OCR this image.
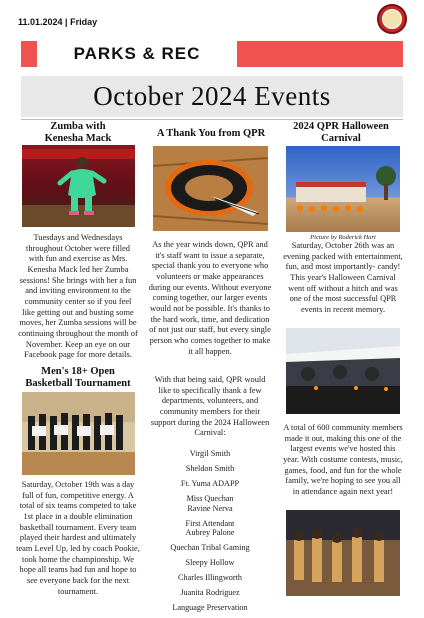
11.01.2024 | Friday
PARKS & REC
October 2024 Events
Zumba with Kenesha Mack
Tuesdays and Wednesdays throughout October were filled with fun and exercise as Mrs. Kenesha Mack led her Zumba sessions! She brings with her a fun and inviting environment to the community center so if you feel like getting out and busting some moves, her Zumba sessions will be continuing throughout the month of November. Keep an eye on our Facebook page for more details.
Men's 18+ Open Basketball Tournament
Saturday, October 19th was a day full of fun, competitive energy. A total of six teams competed to take 1st place in a double elimination basketball tournament. Every team played their hardest and ultimately team Level Up, led by coach Pookie, took home the championship. We hope all teams had fun and hope to see everyone back for the next tournament.
A Thank You from QPR
As the year winds down, QPR and it's staff want to issue a separate, special thank you to everyone who volunteers or make appearances during our events. Without everyone coming together, our larger events would not be possible. It's thanks to the hard work, time, and dedication of not just our staff, but every single person who comes together to make it all happen.
With that being said, QPR would like to specifically thank a few departments, volunteers, and community members for their support during the 2024 Halloween Carnival:
Virgil Smith
Sheldon Smith
Ft. Yuma ADAPP
Miss Quechan
Ravine Nerva
First Attendant
Aubrey Palone
Quechan Tribal Gaming
Sleepy Hollow
Charles Illingworth
Juanita Rodriguez
Language Preservation
2024 QPR Halloween Carnival
Picture by Roderick Hart
Saturday, October 26th was an evening packed with entertainment, fun, and most importantly- candy! This year's Halloween Carnival went off without a hitch and was one of the most successful QPR events in recent memory.
A total of 600 community members made it out, making this one of the largest events we've hosted this year. With costume contests, music, games, food, and fun for the whole family, we're hoping to see you all in attendance again next year!
